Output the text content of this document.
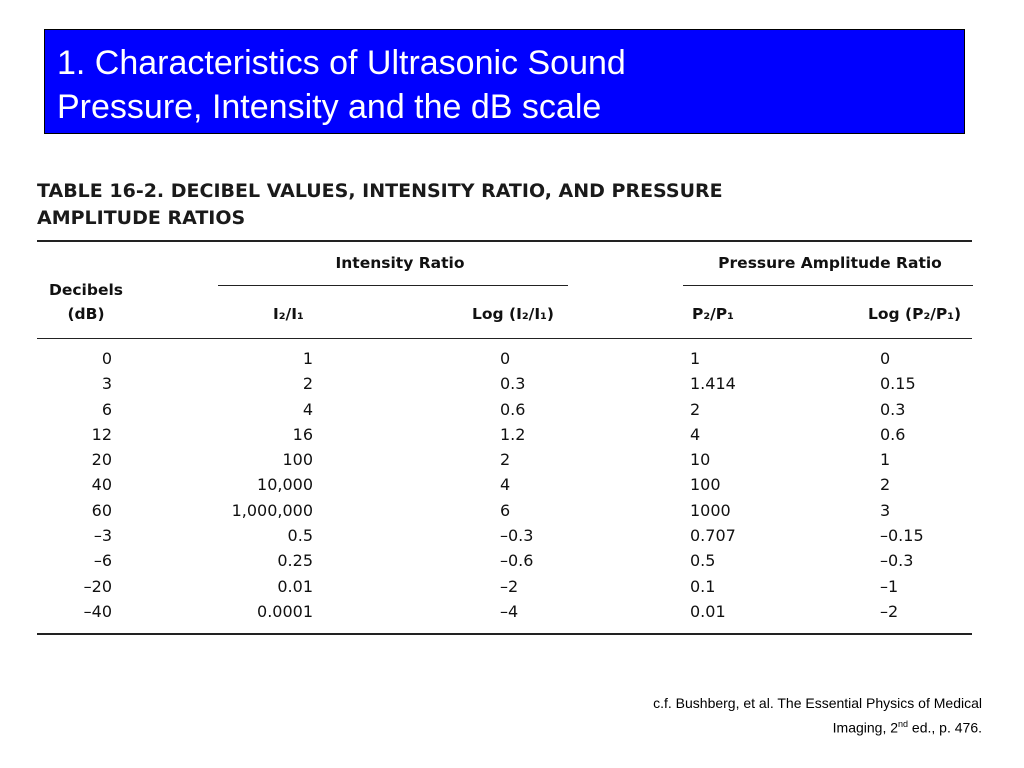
1. Characteristics of Ultrasonic Sound
Pressure, Intensity and the dB scale
TABLE 16-2. DECIBEL VALUES, INTENSITY RATIO, AND PRESSURE
AMPLITUDE RATIOS
Intensity Ratio	Pressure Amplitude Ratio
Decibels
(dB)	I₂/I₁	Log (I₂/I₁)	P₂/P₁	Log (P₂/P₁)
0	1	0	1	0
3	2	0.3	1.414	0.15
6	4	0.6	2	0.3
12	16	1.2	4	0.6
20	100	2	10	1
40	10,000	4	100	2
60	1,000,000	6	1000	3
–3	0.5	–0.3	0.707	–0.15
–6	0.25	–0.6	0.5	–0.3
–20	0.01	–2	0.1	–1
–40	0.0001	–4	0.01	–2
c.f. Bushberg, et al. The Essential Physics of Medical
Imaging, 2nd ed., p. 476.
